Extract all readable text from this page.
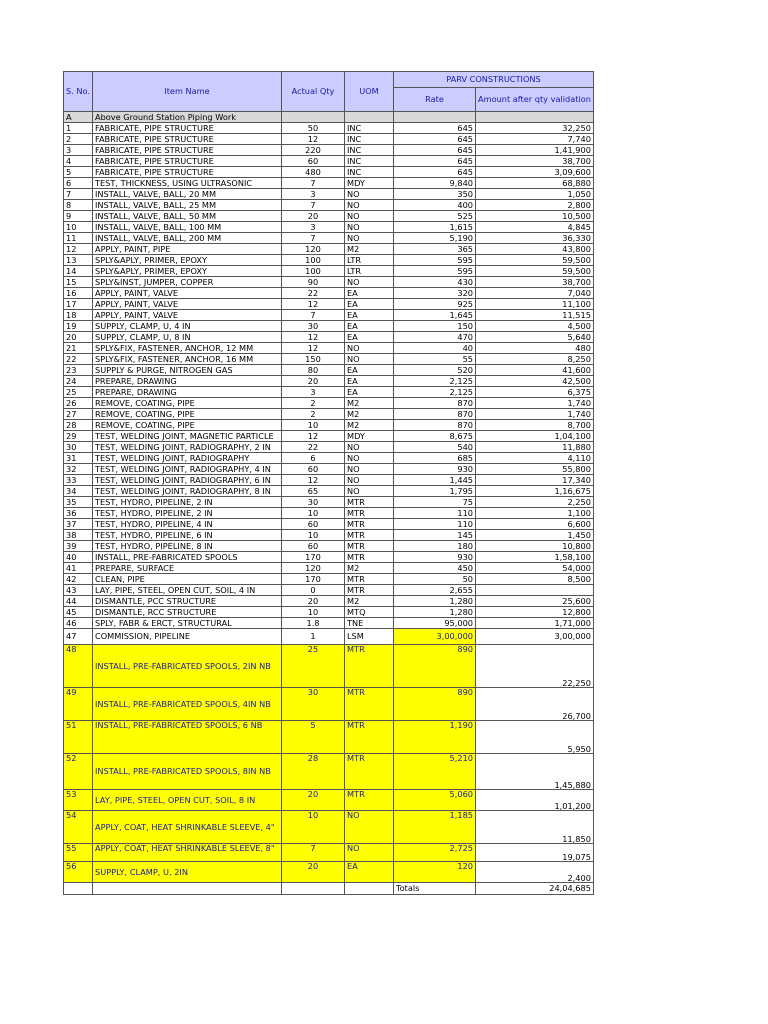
S. No.	Item Name	Actual Qty	UOM	PARV CONSTRUCTIONS	
				Rate	Amount after qty validation
A	Above Ground Station Piping Work				
1	FABRICATE, PIPE STRUCTURE	50	INC	645	32,250
2	FABRICATE, PIPE STRUCTURE	12	INC	645	7,740
3	FABRICATE, PIPE STRUCTURE	220	INC	645	1,41,900
4	FABRICATE, PIPE STRUCTURE	60	INC	645	38,700
5	FABRICATE, PIPE STRUCTURE	480	INC	645	3,09,600
6	TEST, THICKNESS, USING ULTRASONIC	7	MDY	9,840	68,880
7	INSTALL, VALVE, BALL, 20 MM	3	NO	350	1,050
8	INSTALL, VALVE, BALL, 25 MM	7	NO	400	2,800
9	INSTALL, VALVE, BALL, 50 MM	20	NO	525	10,500
10	INSTALL, VALVE, BALL, 100 MM	3	NO	1,615	4,845
11	INSTALL, VALVE, BALL, 200 MM	7	NO	5,190	36,330
12	APPLY, PAINT, PIPE	120	M2	365	43,800
13	SPLY&APLY, PRIMER, EPOXY	100	LTR	595	59,500
14	SPLY&APLY, PRIMER, EPOXY	100	LTR	595	59,500
15	SPLY&INST, JUMPER, COPPER	90	NO	430	38,700
16	APPLY, PAINT, VALVE	22	EA	320	7,040
17	APPLY, PAINT, VALVE	12	EA	925	11,100
18	APPLY, PAINT, VALVE	7	EA	1,645	11,515
19	SUPPLY, CLAMP, U, 4 IN	30	EA	150	4,500
20	SUPPLY, CLAMP, U, 8 IN	12	EA	470	5,640
21	SPLY&FIX, FASTENER, ANCHOR, 12 MM	12	NO	40	480
22	SPLY&FIX, FASTENER, ANCHOR, 16 MM	150	NO	55	8,250
23	SUPPLY & PURGE, NITROGEN GAS	80	EA	520	41,600
24	PREPARE, DRAWING	20	EA	2,125	42,500
25	PREPARE, DRAWING	3	EA	2,125	6,375
26	REMOVE, COATING, PIPE	2	M2	870	1,740
27	REMOVE, COATING, PIPE	2	M2	870	1,740
28	REMOVE, COATING, PIPE	10	M2	870	8,700
29	TEST, WELDING JOINT, MAGNETIC PARTICLE	12	MDY	8,675	1,04,100
30	TEST, WELDING JOINT, RADIOGRAPHY, 2 IN	22	NO	540	11,880
31	TEST, WELDING JOINT, RADIOGRAPHY	6	NO	685	4,110
32	TEST, WELDING JOINT, RADIOGRAPHY, 4 IN	60	NO	930	55,800
33	TEST, WELDING JOINT, RADIOGRAPHY, 6 IN	12	NO	1,445	17,340
34	TEST, WELDING JOINT, RADIOGRAPHY, 8 IN	65	NO	1,795	1,16,675
35	TEST, HYDRO, PIPELINE, 2 IN	30	MTR	75	2,250
36	TEST, HYDRO, PIPELINE, 2 IN	10	MTR	110	1,100
37	TEST, HYDRO, PIPELINE, 4 IN	60	MTR	110	6,600
38	TEST, HYDRO, PIPELINE, 6 IN	10	MTR	145	1,450
39	TEST, HYDRO, PIPELINE, 8 IN	60	MTR	180	10,800
40	INSTALL, PRE-FABRICATED SPOOLS	170	MTR	930	1,58,100
41	PREPARE, SURFACE	120	M2	450	54,000
42	CLEAN, PIPE	170	MTR	50	8,500
43	LAY, PIPE, STEEL, OPEN CUT, SOIL, 4 IN	0	MTR	2,655	
44	DISMANTLE, PCC STRUCTURE	20	M2	1,280	25,600
45	DISMANTLE, RCC STRUCTURE	10	MTQ	1,280	12,800
46	SPLY, FABR & ERCT, STRUCTURAL	1.8	TNE	95,000	1,71,000
47	COMMISSION, PIPELINE	1	LSM	3,00,000	3,00,000
48	INSTALL, PRE-FABRICATED SPOOLS, 2IN NB	25	MTR	890	22,250
49	INSTALL, PRE-FABRICATED SPOOLS, 4IN NB	30	MTR	890	26,700
51	INSTALL, PRE-FABRICATED SPOOLS, 6 NB	5	MTR	1,190	5,950
52	INSTALL, PRE-FABRICATED SPOOLS, 8IN NB	28	MTR	5,210	1,45,880
53	LAY, PIPE, STEEL, OPEN CUT, SOIL, 8 IN	20	MTR	5,060	1,01,200
54	APPLY, COAT, HEAT SHRINKABLE SLEEVE, 4"	10	NO	1,185	11,850
55	APPLY, COAT, HEAT SHRINKABLE SLEEVE, 8"	7	NO	2,725	19,075
56	SUPPLY, CLAMP, U, 2IN	20	EA	120	2,400
				Totals	24,04,685
